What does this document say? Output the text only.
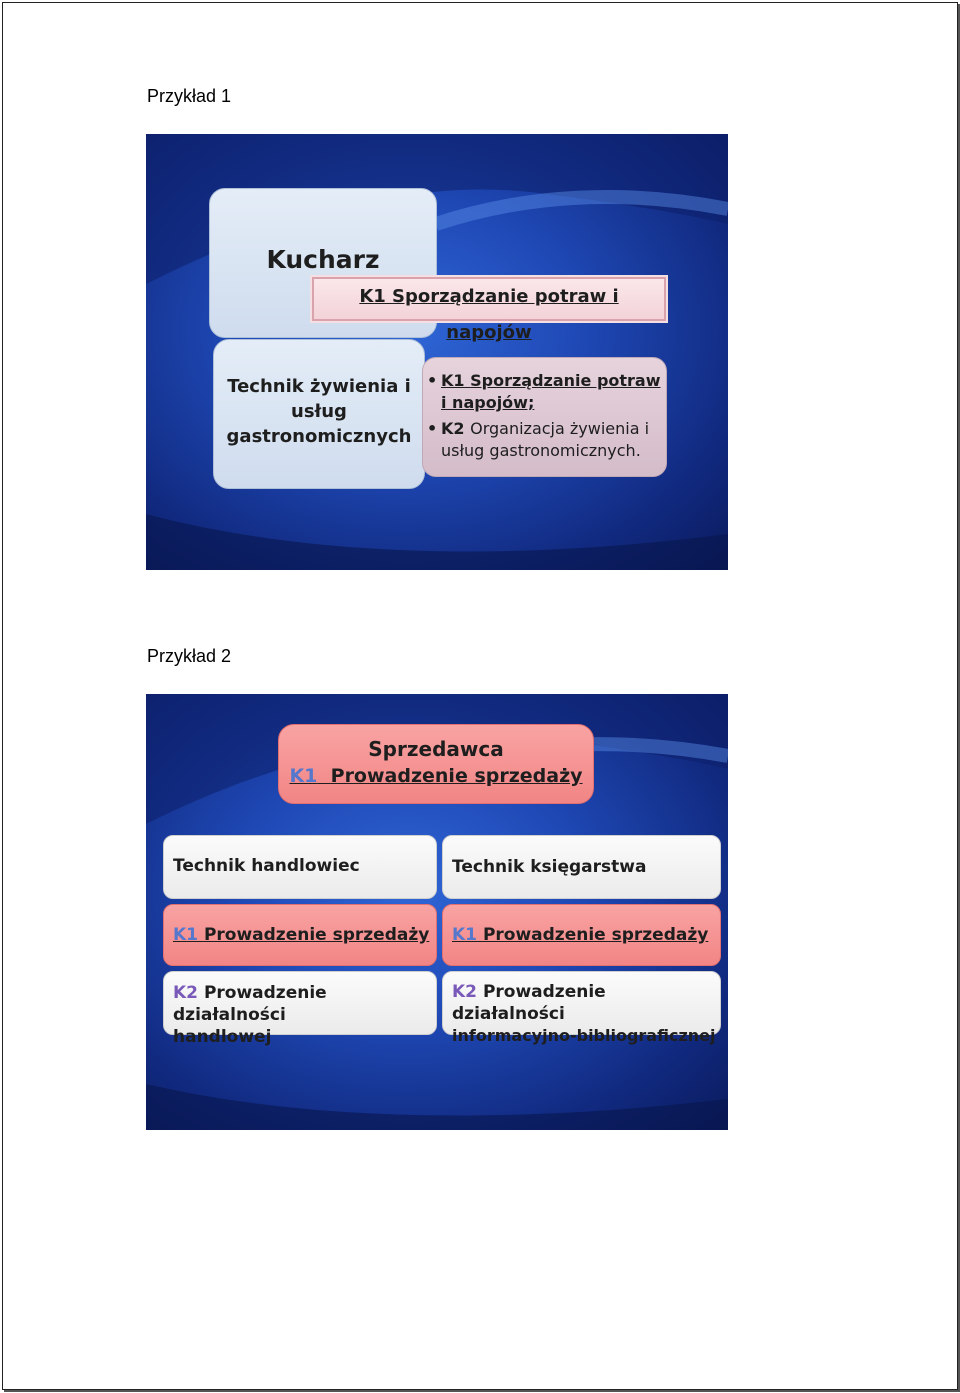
Przykład 1
Kucharz
K1 Sporządzanie potraw i napojów
Technik żywienia i
usług
gastronomicznych
• K1 Sporządzanie potraw
i napojów;
• K2 Organizacja żywienia i
usług gastronomicznych.
Przykład 2
Sprzedawca
K1 Prowadzenie sprzedaży
Technik handlowiec
K1 Prowadzenie sprzedaży
K2 Prowadzenie działalności
handlowej
Technik księgarstwa
K1 Prowadzenie sprzedaży
K2 Prowadzenie działalności
informacyjno-bibliograficznej
